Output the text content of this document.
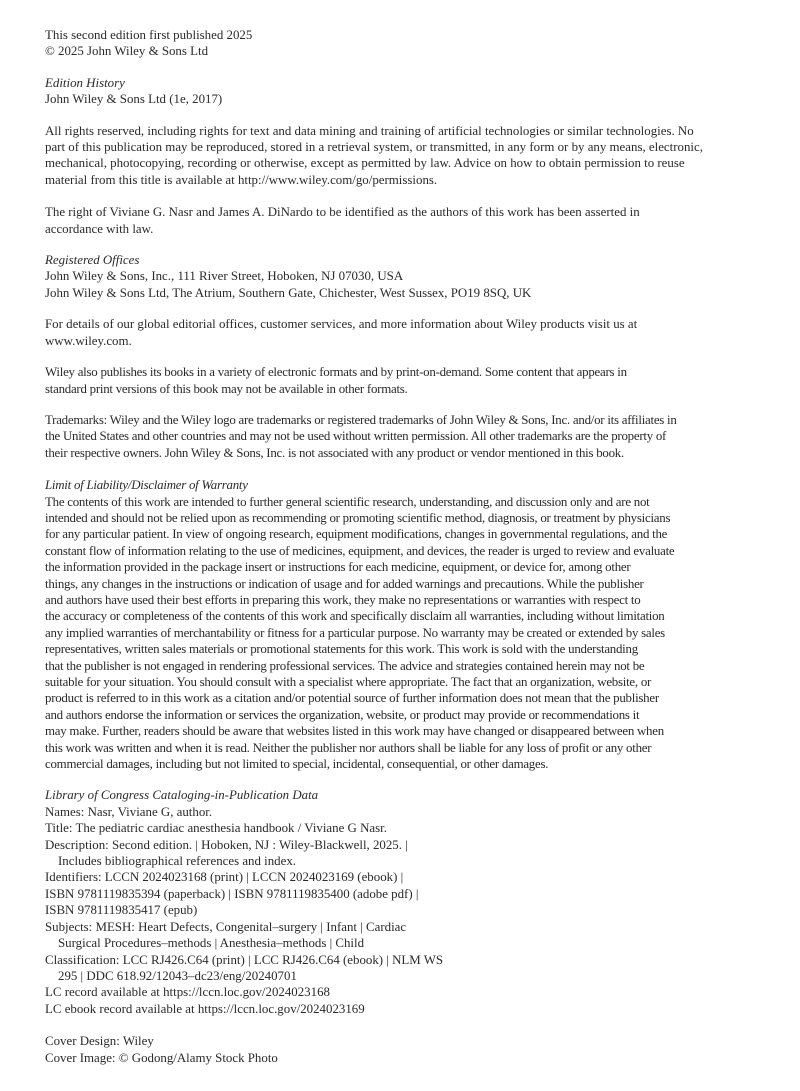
This second edition first published 2025
© 2025 John Wiley & Sons Ltd
Edition History
John Wiley & Sons Ltd (1e, 2017)
All rights reserved, including rights for text and data mining and training of artificial technologies or similar technologies. No
part of this publication may be reproduced, stored in a retrieval system, or transmitted, in any form or by any means, electronic,
mechanical, photocopying, recording or otherwise, except as permitted by law. Advice on how to obtain permission to reuse
material from this title is available at http://www.wiley.com/go/permissions.
The right of Viviane G. Nasr and James A. DiNardo to be identified as the authors of this work has been asserted in
accordance with law.
Registered Offices
John Wiley & Sons, Inc., 111 River Street, Hoboken, NJ 07030, USA
John Wiley & Sons Ltd, The Atrium, Southern Gate, Chichester, West Sussex, PO19 8SQ, UK
For details of our global editorial offices, customer services, and more information about Wiley products visit us at
www.wiley.com.
Wiley also publishes its books in a variety of electronic formats and by print-on-demand. Some content that appears in
standard print versions of this book may not be available in other formats.
Trademarks: Wiley and the Wiley logo are trademarks or registered trademarks of John Wiley & Sons, Inc. and/or its affiliates in
the United States and other countries and may not be used without written permission. All other trademarks are the property of
their respective owners. John Wiley & Sons, Inc. is not associated with any product or vendor mentioned in this book.
Limit of Liability/Disclaimer of Warranty
The contents of this work are intended to further general scientific research, understanding, and discussion only and are not
intended and should not be relied upon as recommending or promoting scientific method, diagnosis, or treatment by physicians
for any particular patient. In view of ongoing research, equipment modifications, changes in governmental regulations, and the
constant flow of information relating to the use of medicines, equipment, and devices, the reader is urged to review and evaluate
the information provided in the package insert or instructions for each medicine, equipment, or device for, among other
things, any changes in the instructions or indication of usage and for added warnings and precautions. While the publisher
and authors have used their best efforts in preparing this work, they make no representations or warranties with respect to
the accuracy or completeness of the contents of this work and specifically disclaim all warranties, including without limitation
any implied warranties of merchantability or fitness for a particular purpose. No warranty may be created or extended by sales
representatives, written sales materials or promotional statements for this work. This work is sold with the understanding
that the publisher is not engaged in rendering professional services. The advice and strategies contained herein may not be
suitable for your situation. You should consult with a specialist where appropriate. The fact that an organization, website, or
product is referred to in this work as a citation and/or potential source of further information does not mean that the publisher
and authors endorse the information or services the organization, website, or product may provide or recommendations it
may make. Further, readers should be aware that websites listed in this work may have changed or disappeared between when
this work was written and when it is read. Neither the publisher nor authors shall be liable for any loss of profit or any other
commercial damages, including but not limited to special, incidental, consequential, or other damages.
Library of Congress Cataloging-in-Publication Data
Names: Nasr, Viviane G, author.
Title: The pediatric cardiac anesthesia handbook / Viviane G Nasr.
Description: Second edition. | Hoboken, NJ : Wiley-Blackwell, 2025. |
Includes bibliographical references and index.
Identifiers: LCCN 2024023168 (print) | LCCN 2024023169 (ebook) |
ISBN 9781119835394 (paperback) | ISBN 9781119835400 (adobe pdf) |
ISBN 9781119835417 (epub)
Subjects: MESH: Heart Defects, Congenital–surgery | Infant | Cardiac
Surgical Procedures–methods | Anesthesia–methods | Child
Classification: LCC RJ426.C64 (print) | LCC RJ426.C64 (ebook) | NLM WS
295 | DDC 618.92/12043–dc23/eng/20240701
LC record available at https://lccn.loc.gov/2024023168
LC ebook record available at https://lccn.loc.gov/2024023169
Cover Design: Wiley
Cover Image: © Godong/Alamy Stock Photo
